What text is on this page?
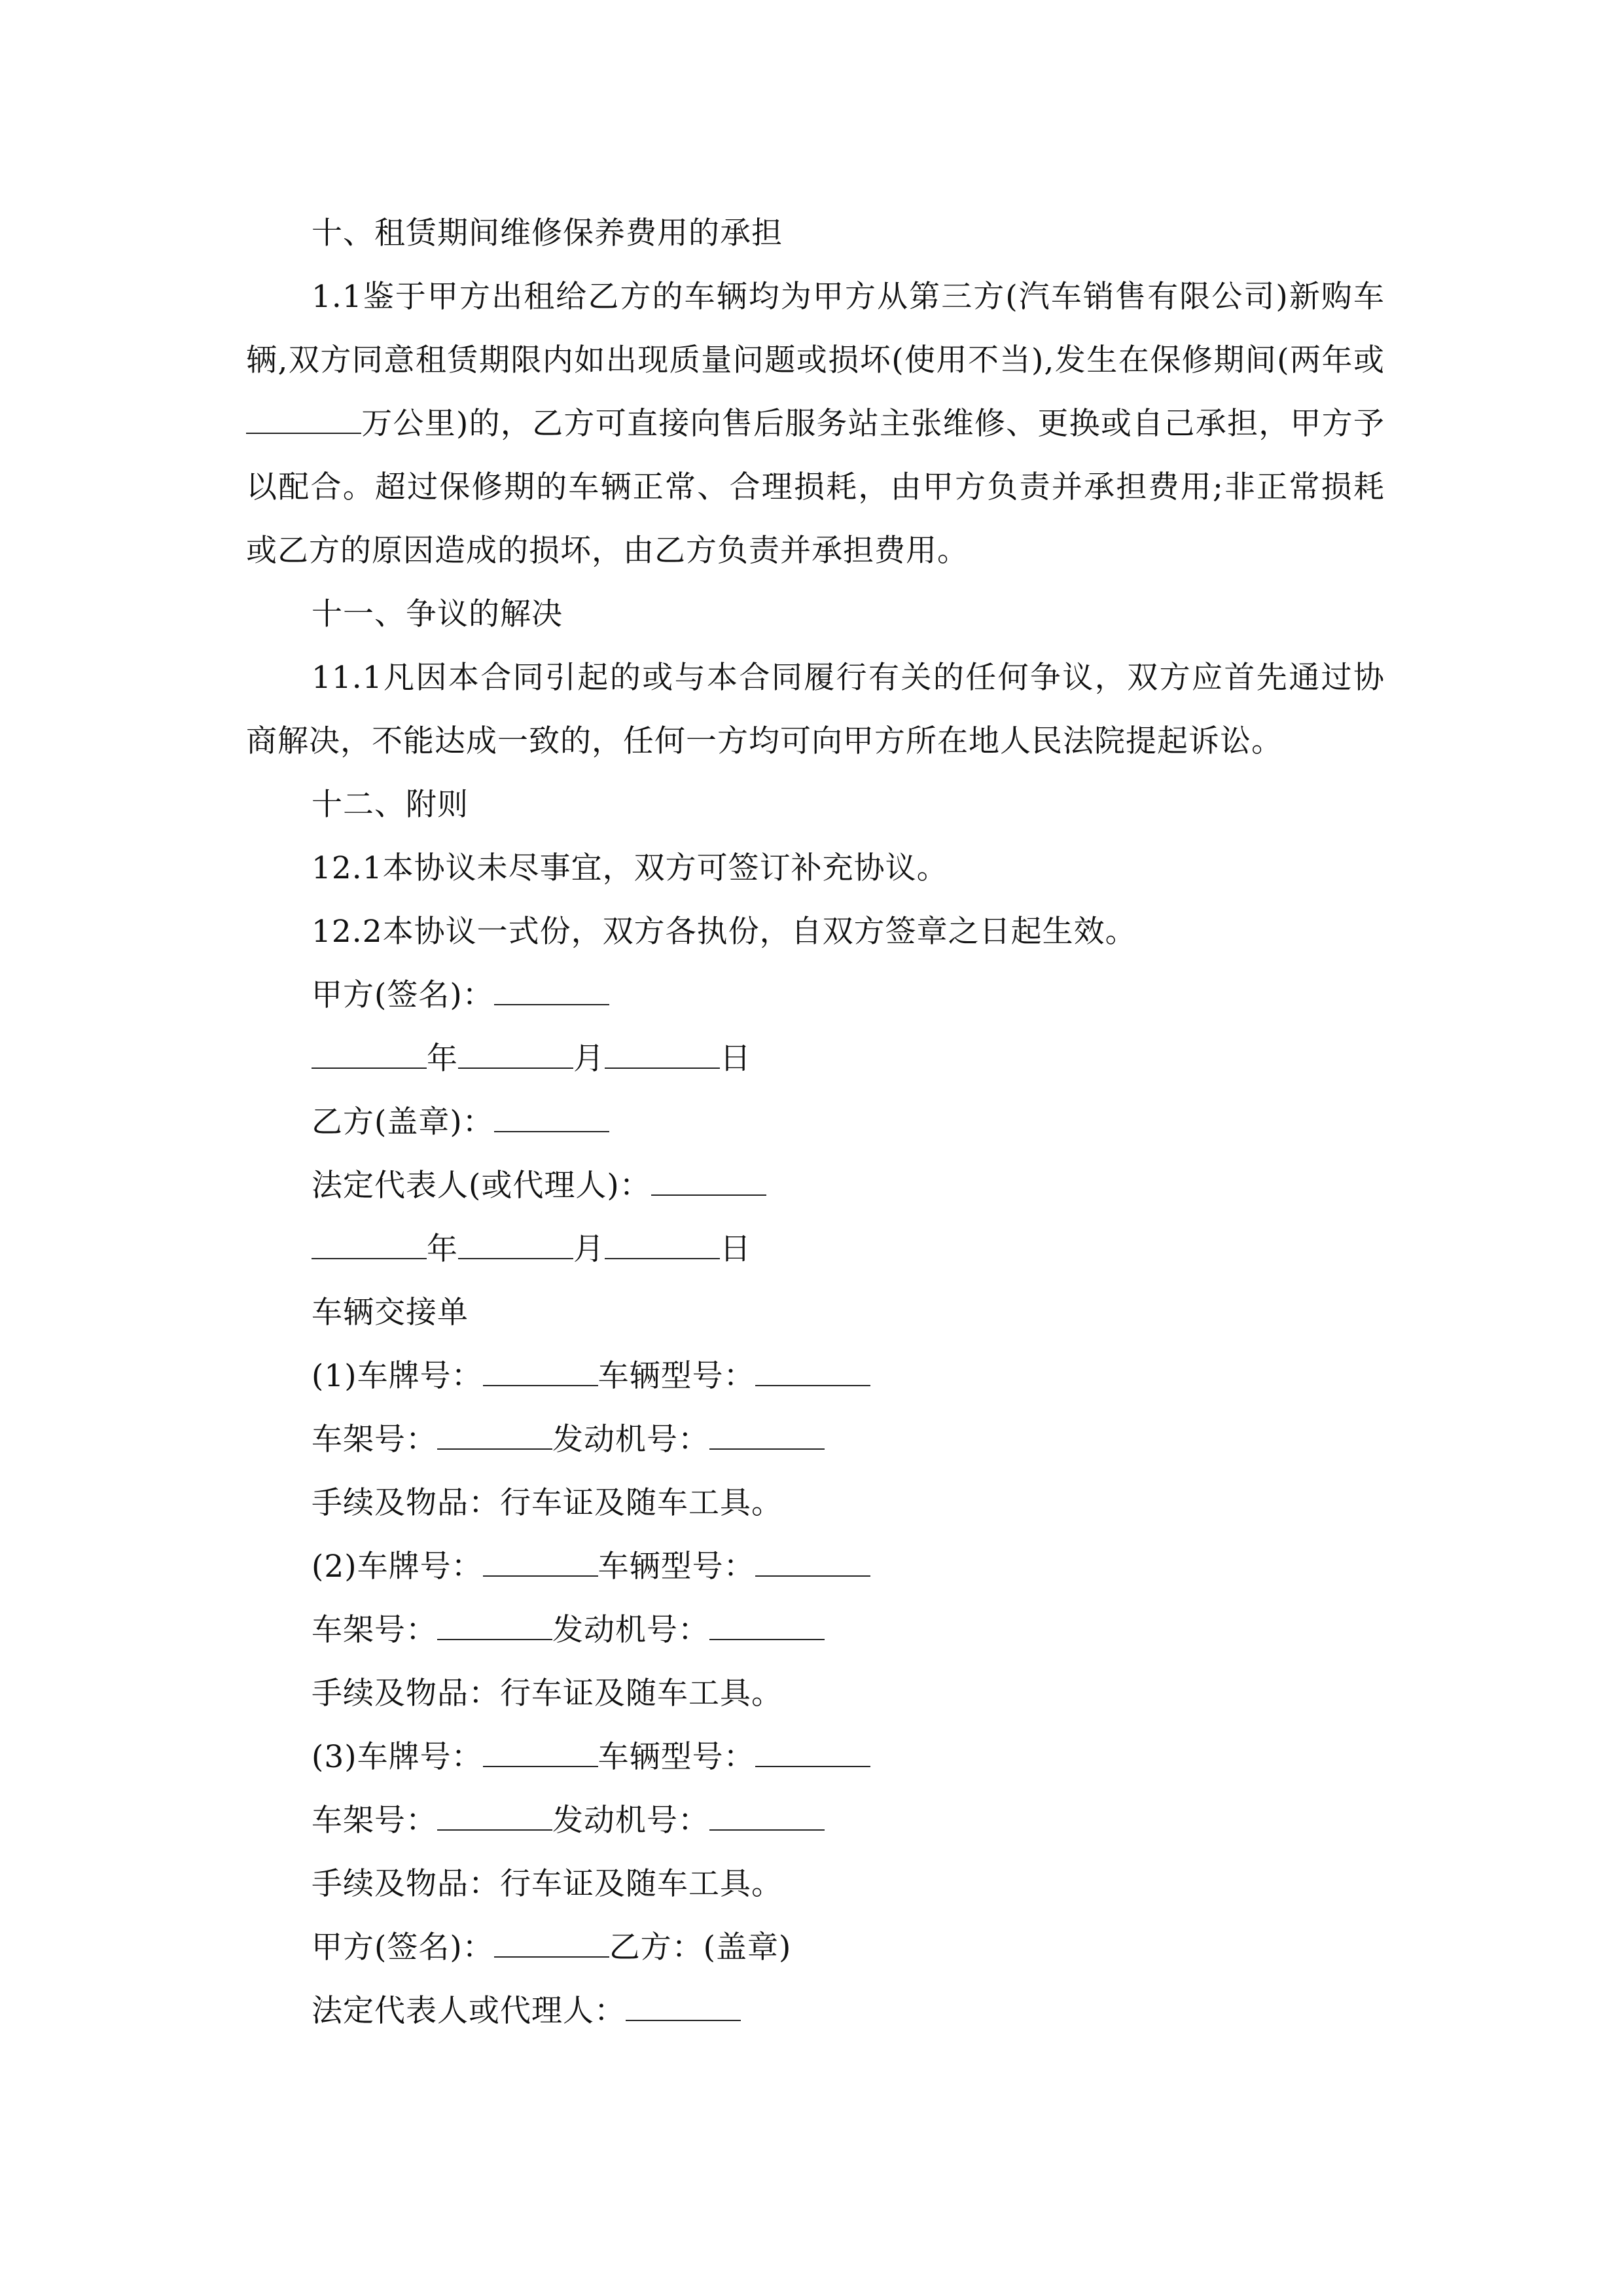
十、租赁期间维修保养费用的承担

1.1鉴于甲方出租给乙方的车辆均为甲方从第三方(汽车销售有限公司)新购车辆,双方同意租赁期限内如出现质量问题或损坏(使用不当),发生在保修期间(两年或万公里)的，乙方可直接向售后服务站主张维修、更换或自己承担，甲方予以配合。超过保修期的车辆正常、合理损耗，由甲方负责并承担费用;非正常损耗或乙方的原因造成的损坏，由乙方负责并承担费用。

十一、争议的解决

11.1凡因本合同引起的或与本合同履行有关的任何争议，双方应首先通过协商解决，不能达成一致的，任何一方均可向甲方所在地人民法院提起诉讼。

十二、附则

12.1本协议未尽事宜，双方可签订补充协议。

12.2本协议一式份，双方各执份，自双方签章之日起生效。

甲方(签名)：

年	月	日

乙方(盖章)：

法定代表人(或代理人)：

年	月	日

车辆交接单

(1)车牌号：	车辆型号：

车架号：	发动机号：

手续及物品：行车证及随车工具。

(2)车牌号：	车辆型号：

车架号：	发动机号：

手续及物品：行车证及随车工具。

(3)车牌号：	车辆型号：

车架号：	发动机号：

手续及物品：行车证及随车工具。

甲方(签名)：	乙方：(盖章)

法定代表人或代理人：
